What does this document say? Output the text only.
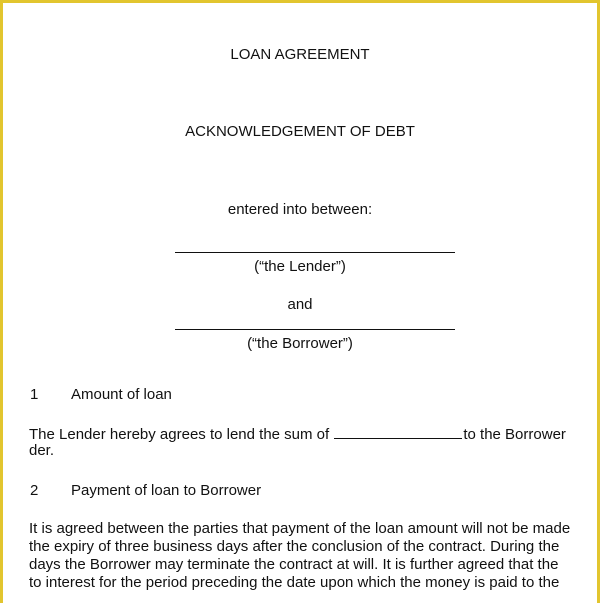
LOAN AGREEMENT
ACKNOWLEDGEMENT OF DEBT
entered into between:
(“the Lender”)
and
(“the Borrower”)
1 Amount of loan
The Lender hereby agrees to lend the sum of	to the Borrower
der.
2 Payment of loan to Borrower
It is agreed between the parties that payment of the loan amount will not be made
the expiry of three business days after the conclusion of the contract. During the
days the Borrower may terminate the contract at will. It is further agreed that the
to interest for the period preceding the date upon which the money is paid to the
